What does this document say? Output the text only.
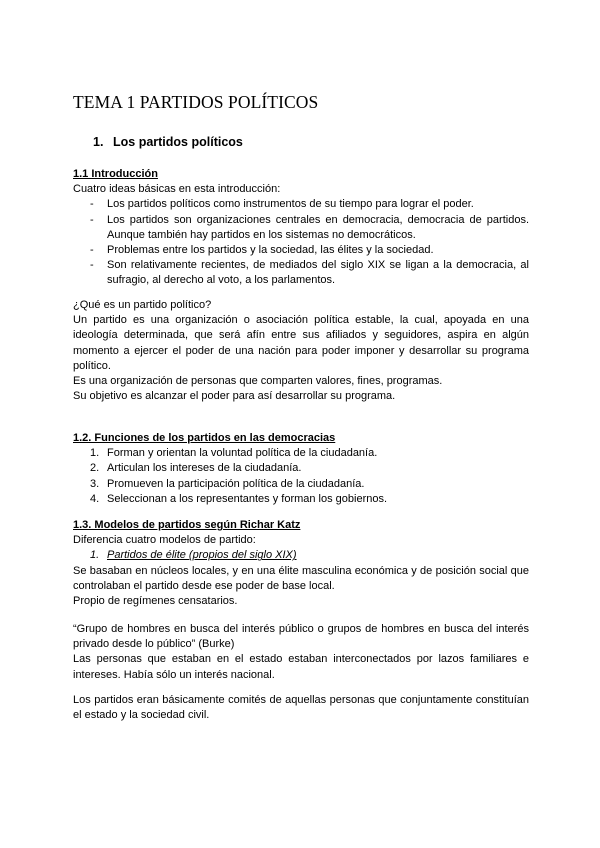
TEMA 1 PARTIDOS POLÍTICOS
1. Los partidos políticos

1.1 Introducción

Cuatro ideas básicas en esta introducción:

- Los partidos políticos como instrumentos de su tiempo para lograr el poder.
- Los partidos son organizaciones centrales en democracia, democracia de partidos. Aunque también hay partidos en los sistemas no democráticos.
- Problemas entre los partidos y la sociedad, las élites y la sociedad.
- Son relativamente recientes, de mediados del siglo XIX se ligan a la democracia, al sufragio, al derecho al voto, a los parlamentos.

¿Qué es un partido político?

Un partido es una organización o asociación política estable, la cual, apoyada en una ideología determinada, que será afín entre sus afiliados y seguidores, aspira en algún momento a ejercer el poder de una nación para poder imponer y desarrollar su programa político.

Es una organización de personas que comparten valores, fines, programas.

Su objetivo es alcanzar el poder para así desarrollar su programa.

1.2. Funciones de los partidos en las democracias

1. Forman y orientan la voluntad política de la ciudadanía.
2. Articulan los intereses de la ciudadanía.
3. Promueven la participación política de la ciudadanía.
4. Seleccionan a los representantes y forman los gobiernos.

1.3. Modelos de partidos según Richar Katz

Diferencia cuatro modelos de partido:

1. Partidos de élite (propios del siglo XIX)

Se basaban en núcleos locales, y en una élite masculina económica y de posición social que controlaban el partido desde ese poder de base local.

Propio de regímenes censatarios.

“Grupo de hombres en busca del interés público o grupos de hombres en busca del interés privado desde lo público” (Burke)

Las personas que estaban en el estado estaban interconectados por lazos familiares e intereses. Había sólo un interés nacional.

Los partidos eran básicamente comités de aquellas personas que conjuntamente constituían el estado y la sociedad civil.
